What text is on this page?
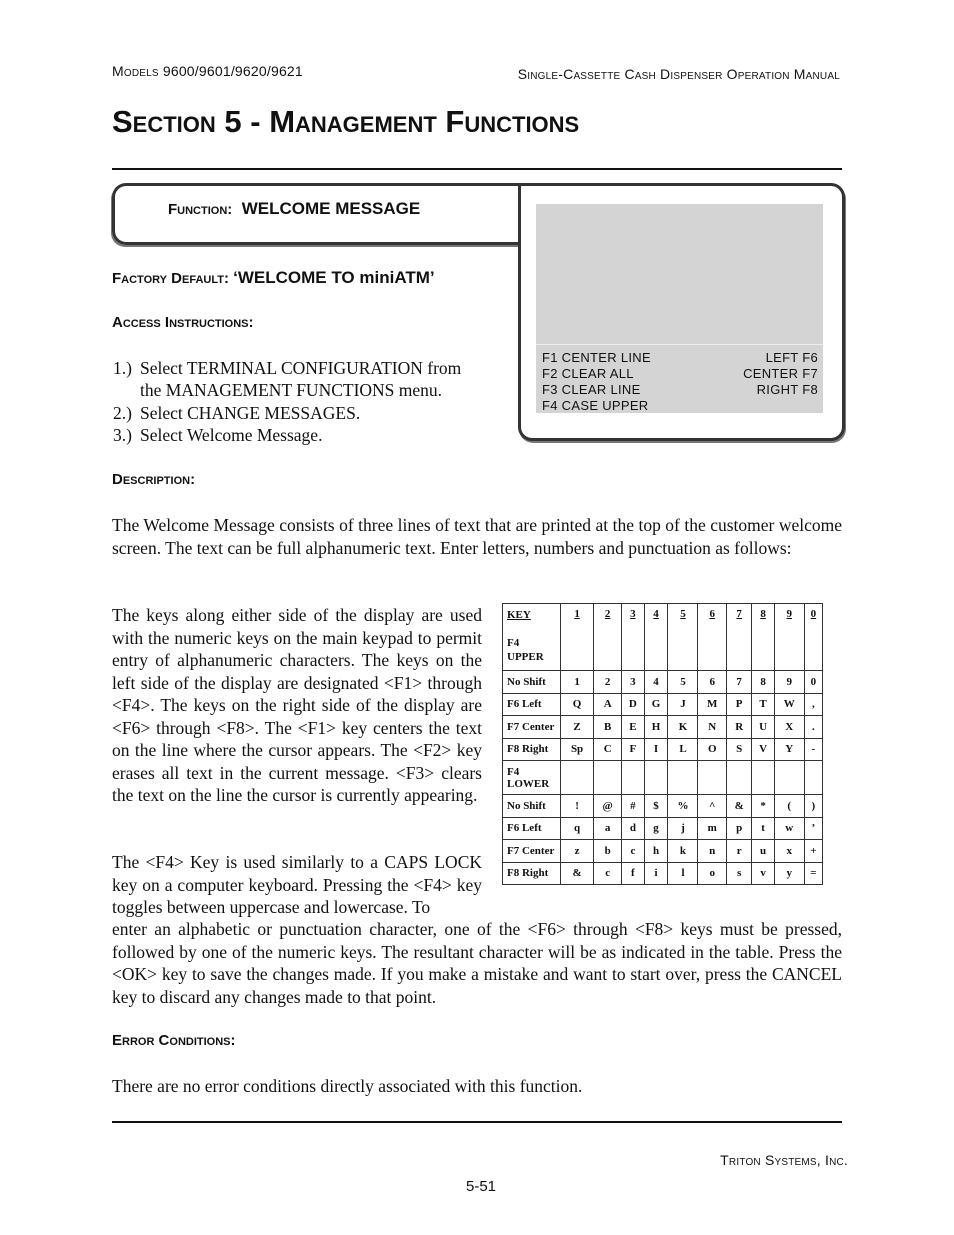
Models 9600/9601/9620/9621	Single-Cassette Cash Dispenser Operation Manual
Section 5 - Management Functions
Function: WELCOME MESSAGE
F1 CENTER LINE
F2 CLEAR ALL
F3 CLEAR LINE
F4 CASE UPPER
LEFT F6
CENTER F7
RIGHT F8
Factory Default: ‘WELCOME TO miniATM’
Access Instructions:
1.) Select TERMINAL CONFIGURATION from
the MANAGEMENT FUNCTIONS menu.
2.) Select CHANGE MESSAGES.
3.) Select Welcome Message.
Description:
The Welcome Message consists of three lines of text that are printed at the top of the customer welcome screen. The text can be full alphanumeric text. Enter letters, numbers and punctuation as follows:
The keys along either side of the display are used with the numeric keys on the main keypad to permit entry of alphanumeric characters. The keys on the left side of the display are designated <F1> through <F4>. The keys on the right side of the display are <F6> through <F8>. The <F1> key centers the text on the line where the cursor appears. The <F2> key erases all text in the current message. <F3> clears the text on the line the cursor is currently appearing.
The <F4> Key is used similarly to a CAPS LOCK key on a computer keyboard. Pressing the <F4> key toggles between uppercase and lowercase. To
enter an alphabetic or punctuation character, one of the <F6> through <F8> keys must be pressed, followed by one of the numeric keys. The resultant character will be as indicated in the table. Press the <OK> key to save the changes made. If you make a mistake and want to start over, press the CANCEL key to discard any changes made to that point.
KEY

F4
UPPER	1	2	3	4	5	6	7	8	9	0
No Shift	1	2	3	4	5	6	7	8	9	0
F6 Left	Q	A	D	G	J	M	P	T	W	,
F7 Center	Z	B	E	H	K	N	R	U	X	.
F8 Right	Sp	C	F	I	L	O	S	V	Y	-
F4
LOWER										
No Shift	!	@	#	$	%	^	&	*	(	)
F6 Left	q	a	d	g	j	m	p	t	w	’
F7 Center	z	b	c	h	k	n	r	u	x	+
F8 Right	&	c	f	i	l	o	s	v	y	=
Error Conditions:
There are no error conditions directly associated with this function.
Triton Systems, Inc.
5-51
